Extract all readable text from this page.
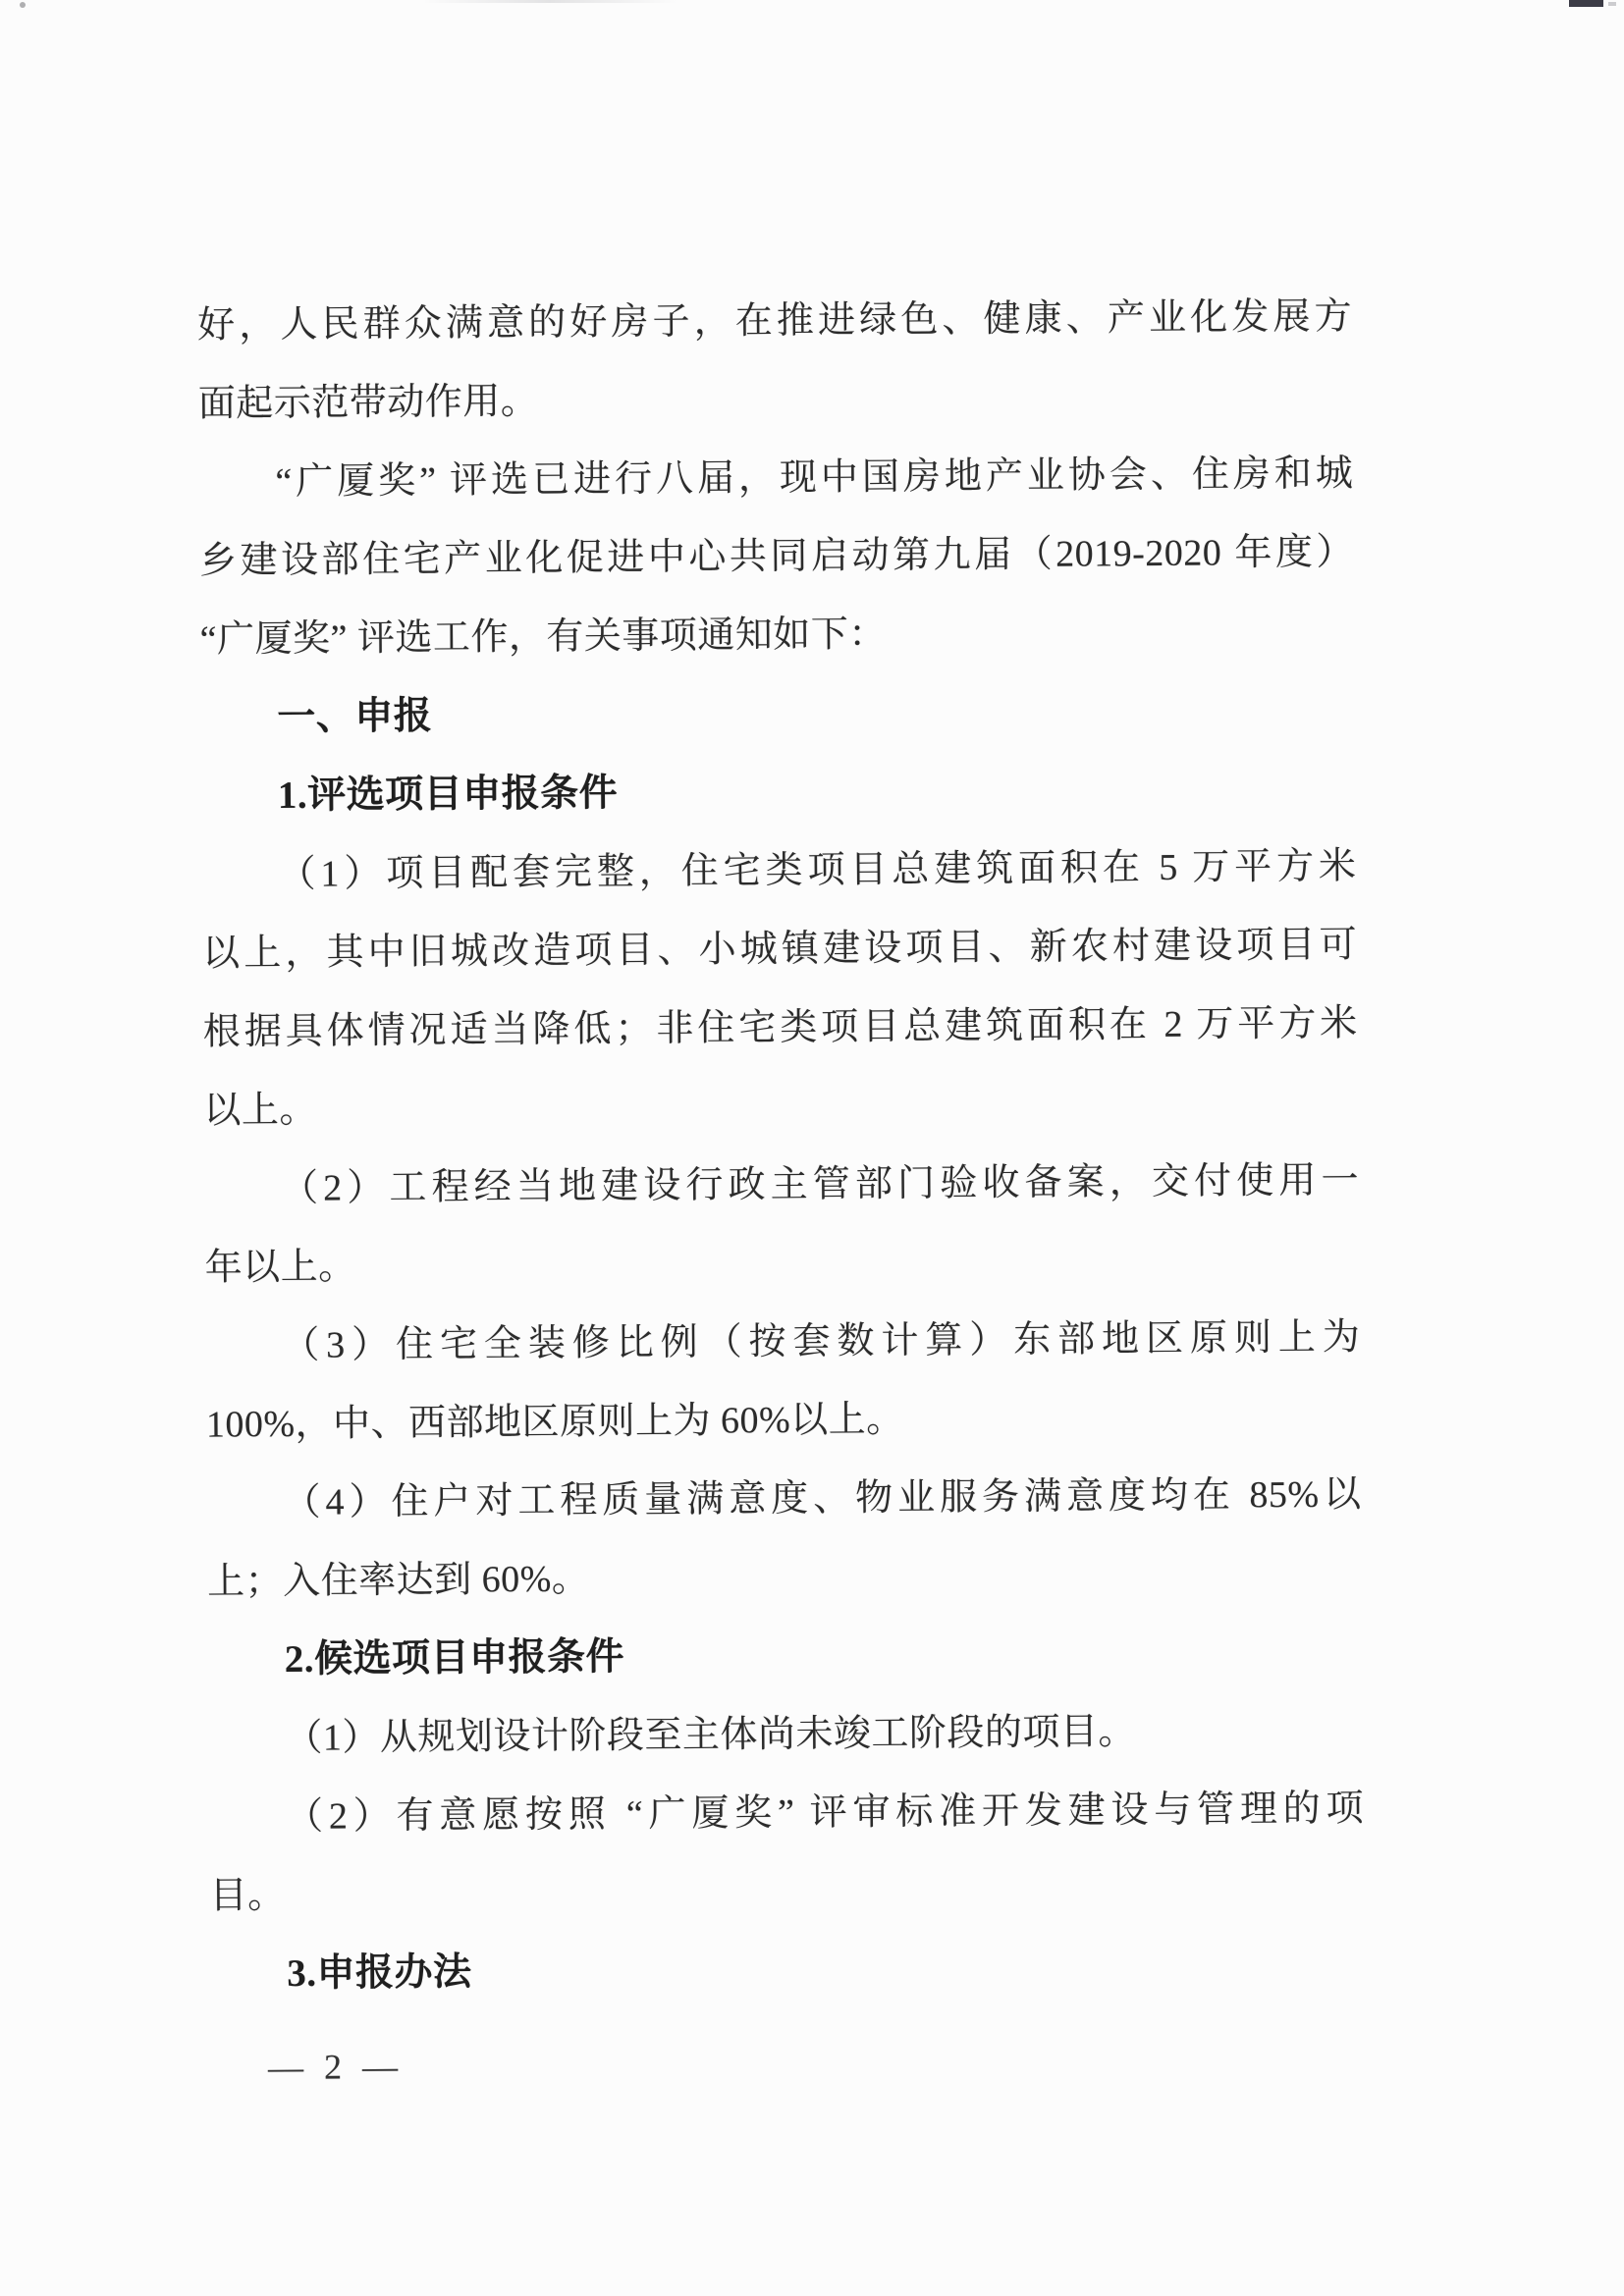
好，人民群众满意的好房子，在推进绿色、健康、产业化发展方
面起示范带动作用。
“广厦奖” 评选已进行八届，现中国房地产业协会、住房和城
乡建设部住宅产业化促进中心共同启动第九届（2019-2020 年度）
“广厦奖” 评选工作，有关事项通知如下：
一、申报
1.评选项目申报条件
（1）项目配套完整，住宅类项目总建筑面积在 5 万平方米
以上，其中旧城改造项目、小城镇建设项目、新农村建设项目可
根据具体情况适当降低；非住宅类项目总建筑面积在 2 万平方米
以上。
（2）工程经当地建设行政主管部门验收备案，交付使用一
年以上。
（3）住宅全装修比例（按套数计算）东部地区原则上为
100%，中、西部地区原则上为 60%以上。
（4）住户对工程质量满意度、物业服务满意度均在 85%以
上；入住率达到 60%。
2.候选项目申报条件
（1）从规划设计阶段至主体尚未竣工阶段的项目。
（2）有意愿按照 “广厦奖” 评审标准开发建设与管理的项
目。
3.申报办法
— 2 —
